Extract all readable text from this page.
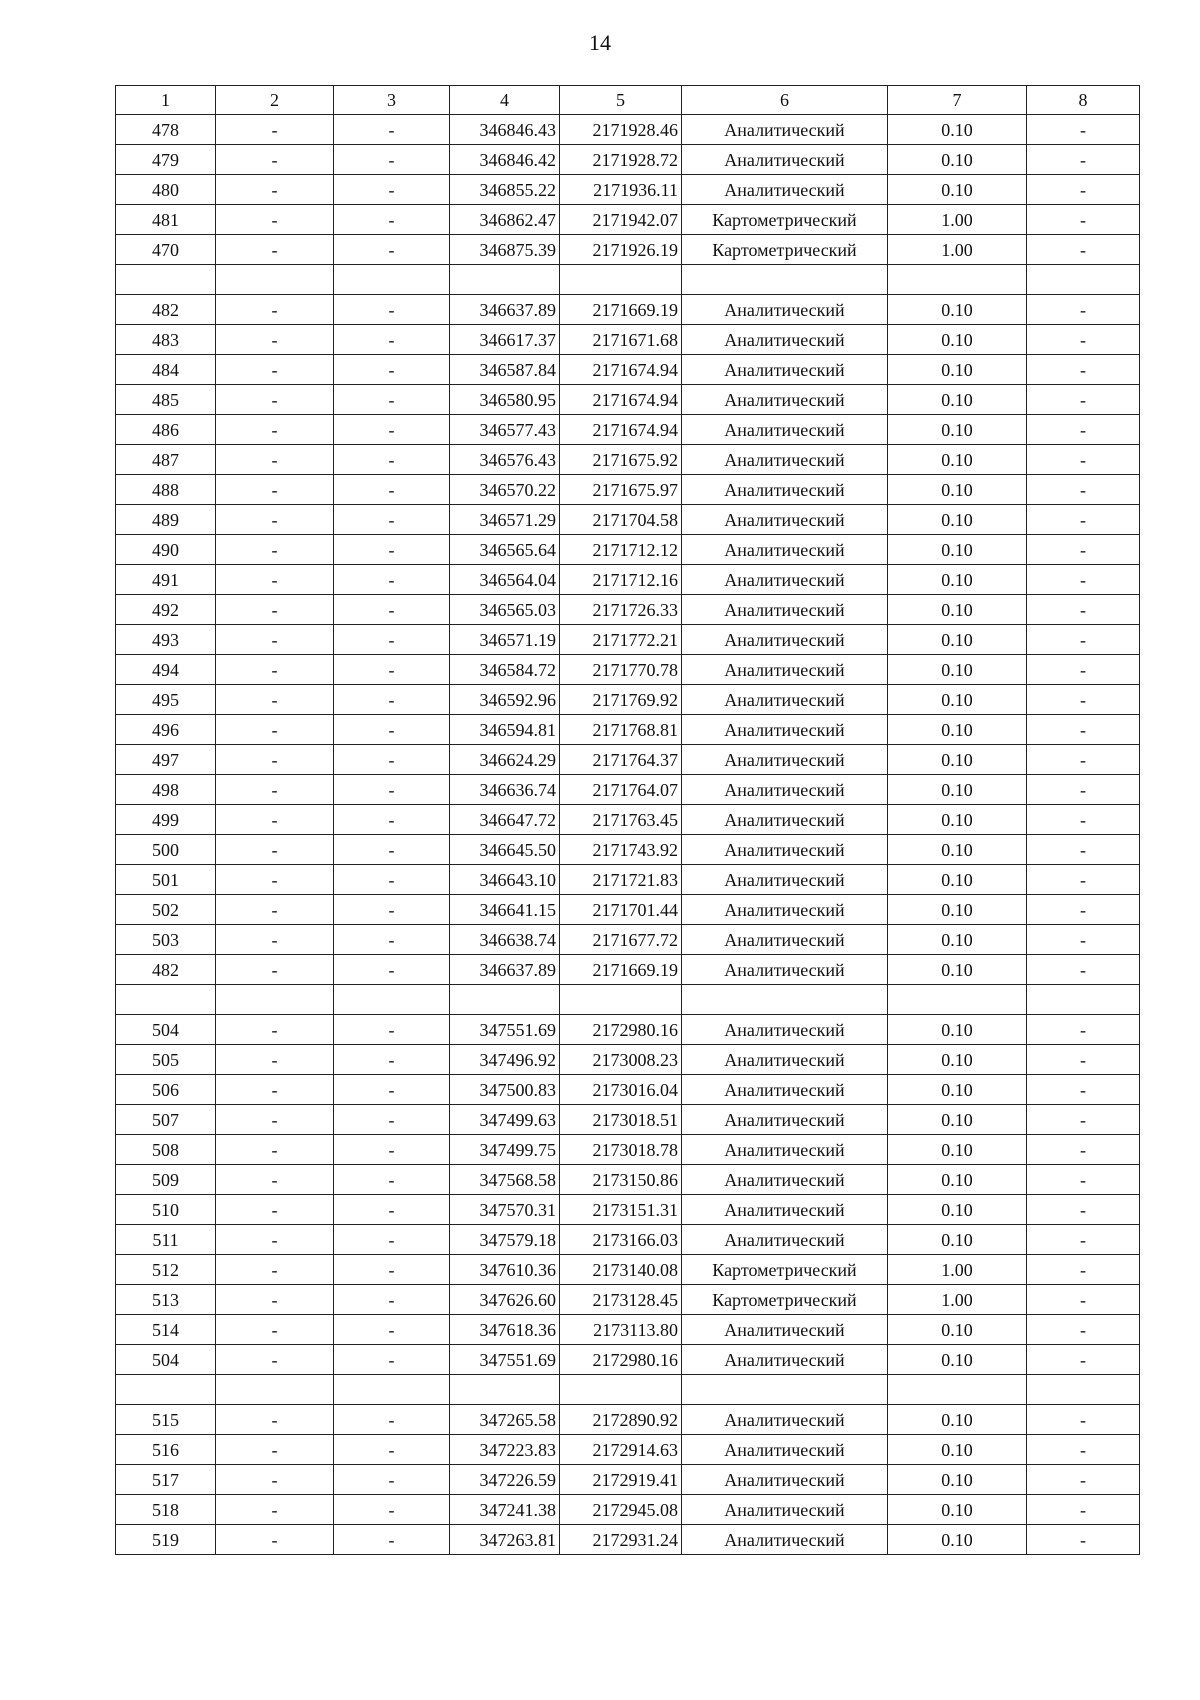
14
1	2	3	4	5	6	7	8
478	-	-	346846.43	2171928.46	Аналитический	0.10	-
479	-	-	346846.42	2171928.72	Аналитический	0.10	-
480	-	-	346855.22	2171936.11	Аналитический	0.10	-
481	-	-	346862.47	2171942.07	Картометрический	1.00	-
470	-	-	346875.39	2171926.19	Картометрический	1.00	-

482	-	-	346637.89	2171669.19	Аналитический	0.10	-
483	-	-	346617.37	2171671.68	Аналитический	0.10	-
484	-	-	346587.84	2171674.94	Аналитический	0.10	-
485	-	-	346580.95	2171674.94	Аналитический	0.10	-
486	-	-	346577.43	2171674.94	Аналитический	0.10	-
487	-	-	346576.43	2171675.92	Аналитический	0.10	-
488	-	-	346570.22	2171675.97	Аналитический	0.10	-
489	-	-	346571.29	2171704.58	Аналитический	0.10	-
490	-	-	346565.64	2171712.12	Аналитический	0.10	-
491	-	-	346564.04	2171712.16	Аналитический	0.10	-
492	-	-	346565.03	2171726.33	Аналитический	0.10	-
493	-	-	346571.19	2171772.21	Аналитический	0.10	-
494	-	-	346584.72	2171770.78	Аналитический	0.10	-
495	-	-	346592.96	2171769.92	Аналитический	0.10	-
496	-	-	346594.81	2171768.81	Аналитический	0.10	-
497	-	-	346624.29	2171764.37	Аналитический	0.10	-
498	-	-	346636.74	2171764.07	Аналитический	0.10	-
499	-	-	346647.72	2171763.45	Аналитический	0.10	-
500	-	-	346645.50	2171743.92	Аналитический	0.10	-
501	-	-	346643.10	2171721.83	Аналитический	0.10	-
502	-	-	346641.15	2171701.44	Аналитический	0.10	-
503	-	-	346638.74	2171677.72	Аналитический	0.10	-
482	-	-	346637.89	2171669.19	Аналитический	0.10	-

504	-	-	347551.69	2172980.16	Аналитический	0.10	-
505	-	-	347496.92	2173008.23	Аналитический	0.10	-
506	-	-	347500.83	2173016.04	Аналитический	0.10	-
507	-	-	347499.63	2173018.51	Аналитический	0.10	-
508	-	-	347499.75	2173018.78	Аналитический	0.10	-
509	-	-	347568.58	2173150.86	Аналитический	0.10	-
510	-	-	347570.31	2173151.31	Аналитический	0.10	-
511	-	-	347579.18	2173166.03	Аналитический	0.10	-
512	-	-	347610.36	2173140.08	Картометрический	1.00	-
513	-	-	347626.60	2173128.45	Картометрический	1.00	-
514	-	-	347618.36	2173113.80	Аналитический	0.10	-
504	-	-	347551.69	2172980.16	Аналитический	0.10	-

515	-	-	347265.58	2172890.92	Аналитический	0.10	-
516	-	-	347223.83	2172914.63	Аналитический	0.10	-
517	-	-	347226.59	2172919.41	Аналитический	0.10	-
518	-	-	347241.38	2172945.08	Аналитический	0.10	-
519	-	-	347263.81	2172931.24	Аналитический	0.10	-
